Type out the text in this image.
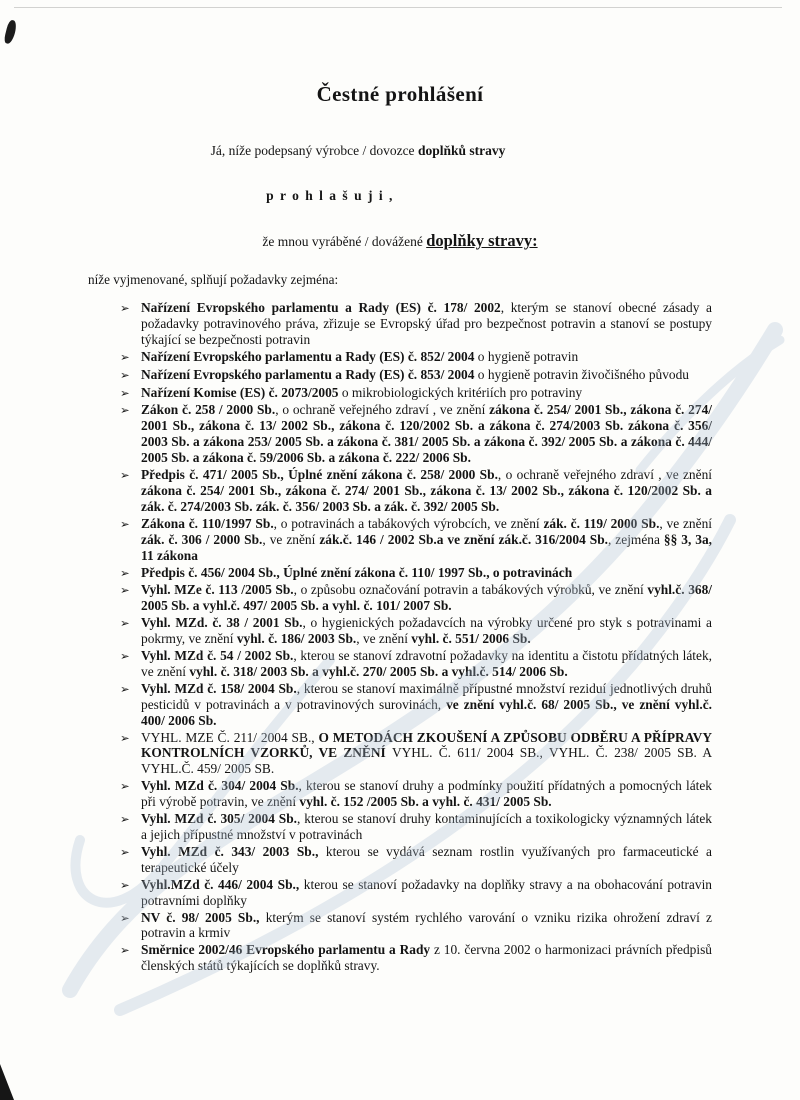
Čestné prohlášení
Já, níže podepsaný výrobce / dovozce doplňků stravy
p r o h l a š u j i ,
že mnou vyráběné / dovážené doplňky stravy:
níže vyjmenované, splňují požadavky zejména:
➢ Nařízení Evropského parlamentu a Rady (ES) č. 178/ 2002, kterým se stanoví obecné zásady a požadavky potravinového práva, zřizuje se Evropský úřad pro bezpečnost potravin a stanoví se postupy týkající se bezpečnosti potravin
➢ Nařízení Evropského parlamentu a Rady (ES) č. 852/ 2004 o hygieně potravin
➢ Nařízení Evropského parlamentu a Rady (ES) č. 853/ 2004 o hygieně potravin živočišného původu
➢ Nařízení Komise (ES) č. 2073/2005 o mikrobiologických kritériích pro potraviny
➢ Zákon č. 258 / 2000 Sb., o ochraně veřejného zdraví , ve znění zákona č. 254/ 2001 Sb., zákona č. 274/ 2001 Sb., zákona č. 13/ 2002 Sb., zákona č. 120/2002 Sb. a zákona č. 274/2003 Sb. zákona č. 356/ 2003 Sb. a zákona 253/ 2005 Sb. a zákona č. 381/ 2005 Sb. a zákona č. 392/ 2005 Sb. a zákona č. 444/ 2005 Sb. a zákona č. 59/2006 Sb. a zákona č. 222/ 2006 Sb.
➢ Předpis č. 471/ 2005 Sb., Úplné znění zákona č. 258/ 2000 Sb., o ochraně veřejného zdraví , ve znění zákona č. 254/ 2001 Sb., zákona č. 274/ 2001 Sb., zákona č. 13/ 2002 Sb., zákona č. 120/2002 Sb. a zák. č. 274/2003 Sb. zák. č. 356/ 2003 Sb. a zák. č. 392/ 2005 Sb.
➢ Zákona č. 110/1997 Sb., o potravinách a tabákových výrobcích, ve znění zák. č. 119/ 2000 Sb., ve znění zák. č. 306 / 2000 Sb., ve znění zák.č. 146 / 2002 Sb.a ve znění zák.č. 316/2004 Sb., zejména §§ 3, 3a, 11 zákona
➢ Předpis č. 456/ 2004 Sb., Úplné znění zákona č. 110/ 1997 Sb., o potravinách
➢ Vyhl. MZe č. 113 /2005 Sb., o způsobu označování potravin a tabákových výrobků, ve znění vyhl.č. 368/ 2005 Sb. a vyhl.č. 497/ 2005 Sb. a vyhl. č. 101/ 2007 Sb.
➢ Vyhl. MZd. č. 38 / 2001 Sb., o hygienických požadavcích na výrobky určené pro styk s potravinami a pokrmy, ve znění vyhl. č. 186/ 2003 Sb., ve znění vyhl. č. 551/ 2006 Sb.
➢ Vyhl. MZd č. 54 / 2002 Sb., kterou se stanoví zdravotní požadavky na identitu a čistotu přídatných látek, ve znění vyhl. č. 318/ 2003 Sb. a vyhl.č. 270/ 2005 Sb. a vyhl.č. 514/ 2006 Sb.
➢ Vyhl. MZd č. 158/ 2004 Sb., kterou se stanoví maximálně přípustné množství reziduí jednotlivých druhů pesticidů v potravinách a v potravinových surovinách, ve znění vyhl.č. 68/ 2005 Sb., ve znění vyhl.č. 400/ 2006 Sb.
➢ VYHL. MZE Č. 211/ 2004 SB., O METODÁCH ZKOUŠENÍ A ZPŮSOBU ODBĚRU A PŘÍPRAVY KONTROLNÍCH VZORKŮ, VE ZNĚNÍ VYHL. Č. 611/ 2004 SB., VYHL. Č. 238/ 2005 SB. A VYHL.Č. 459/ 2005 SB.
➢ Vyhl. MZd č. 304/ 2004 Sb., kterou se stanoví druhy a podmínky použití přídatných a pomocných látek při výrobě potravin, ve znění vyhl. č. 152 /2005 Sb. a vyhl. č. 431/ 2005 Sb.
➢ Vyhl. MZd č. 305/ 2004 Sb., kterou se stanoví druhy kontaminujících a toxikologicky významných látek a jejich přípustné množství v potravinách
➢ Vyhl. MZd č. 343/ 2003 Sb., kterou se vydává seznam rostlin využívaných pro farmaceutické a terapeutické účely
➢ Vyhl.MZd č. 446/ 2004 Sb., kterou se stanoví požadavky na doplňky stravy a na obohacování potravin potravními doplňky
➢ NV č. 98/ 2005 Sb., kterým se stanoví systém rychlého varování o vzniku rizika ohrožení zdraví z potravin a krmiv
➢ Směrnice 2002/46 Evropského parlamentu a Rady z 10. června 2002 o harmonizaci právních předpisů členských států týkajících se doplňků stravy.
